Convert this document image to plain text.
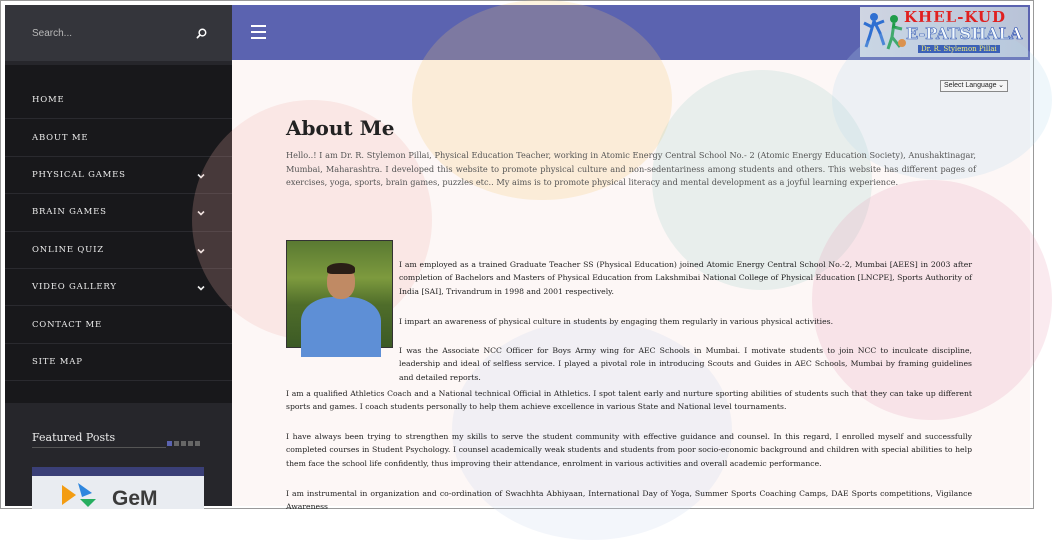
Search...
HOME
ABOUT ME
PHYSICAL GAMES
BRAIN GAMES
ONLINE QUIZ
VIDEO GALLERY
CONTACT ME
SITE MAP
Featured Posts
GeM
KHEL-KUD
E-PATSHALA
Dr. R. Stylemon Pillai
Select Language ⌄
About Me

Hello..! I am Dr. R. Stylemon Pillai, Physical Education Teacher, working in Atomic Energy Central School No.- 2 (Atomic Energy Education Society), Anushaktinagar, Mumbai, Maharashtra. I developed this website to promote physical culture and non-sedentariness among students and others. This website has different pages of exercises, yoga, sports, brain games, puzzles etc.. My aims is to promote physical literacy and mental development as a joyful learning experience.

I am employed as a trained Graduate Teacher SS (Physical Education) joined Atomic Energy Central School No.-2, Mumbai [AEES] in 2003 after completion of Bachelors and Masters of Physical Education from Lakshmibai National College of Physical Education [LNCPE], Sports Authority of India [SAI], Trivandrum in 1998 and 2001 respectively.

I impart an awareness of physical culture in students by engaging them regularly in various physical activities.

I was the Associate NCC Officer for Boys Army wing for AEC Schools in Mumbai. I motivate students to join NCC to inculcate discipline, leadership and ideal of selfless service. I played a pivotal role in introducing Scouts and Guides in AEC Schools, Mumbai by framing guidelines and detailed reports.

I am a qualified Athletics Coach and a National technical Official in Athletics. I spot talent early and nurture sporting abilities of students such that they can take up different sports and games. I coach students personally to help them achieve excellence in various State and National level tournaments.

I have always been trying to strengthen my skills to serve the student community with effective guidance and counsel. In this regard, I enrolled myself and successfully completed courses in Student Psychology. I counsel academically weak students and students from poor socio-economic background and children with special abilities to help them face the school life confidently, thus improving their attendance, enrolment in various activities and overall academic performance.

I am instrumental in organization and co-ordination of Swachhta Abhiyaan, International Day of Yoga, Summer Sports Coaching Camps, DAE Sports competitions, Vigilance Awareness
